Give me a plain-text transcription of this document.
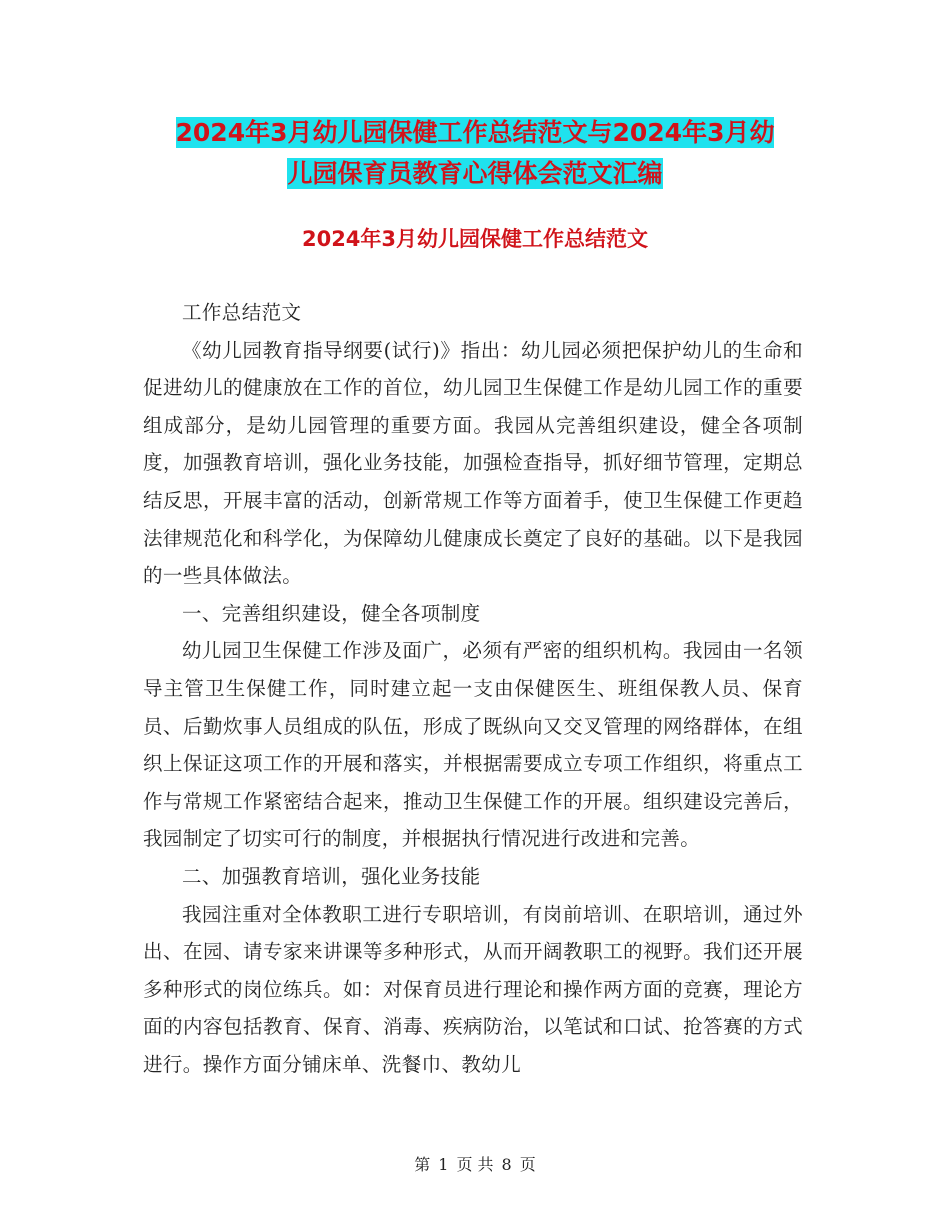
2024年3月幼儿园保健工作总结范文与2024年3月幼
儿园保育员教育心得体会范文汇编
2024年3月幼儿园保健工作总结范文

工作总结范文

《幼儿园教育指导纲要(试行)》指出：幼儿园必须把保护幼儿的生命和促进幼儿的健康放在工作的首位，幼儿园卫生保健工作是幼儿园工作的重要组成部分，是幼儿园管理的重要方面。我园从完善组织建设，健全各项制度，加强教育培训，强化业务技能，加强检查指导，抓好细节管理，定期总结反思，开展丰富的活动，创新常规工作等方面着手，使卫生保健工作更趋法律规范化和科学化，为保障幼儿健康成长奠定了良好的基础。以下是我园的一些具体做法。

一、完善组织建设，健全各项制度

幼儿园卫生保健工作涉及面广，必须有严密的组织机构。我园由一名领导主管卫生保健工作，同时建立起一支由保健医生、班组保教人员、保育员、后勤炊事人员组成的队伍，形成了既纵向又交叉管理的网络群体，在组织上保证这项工作的开展和落实，并根据需要成立专项工作组织，将重点工作与常规工作紧密结合起来，推动卫生保健工作的开展。组织建设完善后，我园制定了切实可行的制度，并根据执行情况进行改进和完善。

二、加强教育培训，强化业务技能

我园注重对全体教职工进行专职培训，有岗前培训、在职培训，通过外出、在园、请专家来讲课等多种形式，从而开阔教职工的视野。我们还开展多种形式的岗位练兵。如：对保育员进行理论和操作两方面的竞赛，理论方面的内容包括教育、保育、消毒、疾病防治，以笔试和口试、抢答赛的方式进行。操作方面分铺床单、洗餐巾、教幼儿

第 1 页 共 8 页
